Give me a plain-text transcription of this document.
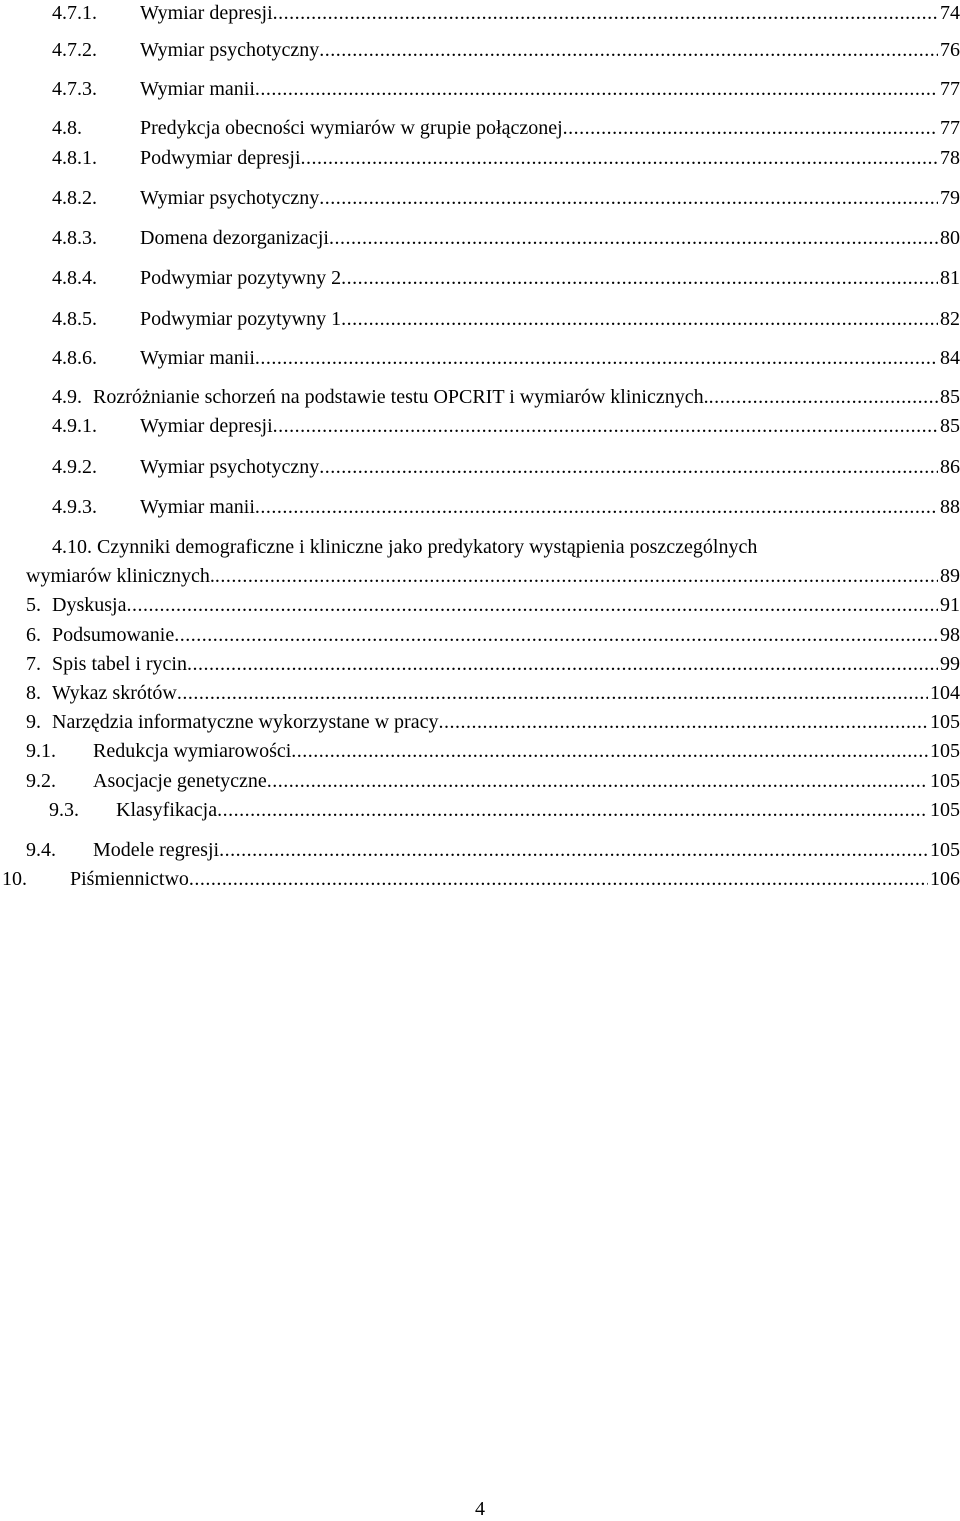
4.7.1. Wymiar depresji .....	74
4.7.2. Wymiar psychotyczny .....	76
4.7.3. Wymiar manii .....	77
4.8.	Predykcja obecności wymiarów w grupie połączonej .....	77
4.8.1. Podwymiar depresji .....	78
4.8.2. Wymiar psychotyczny .....	79
4.8.3. Domena dezorganizacji .....	80
4.8.4. Podwymiar pozytywny 2 .....	81
4.8.5. Podwymiar pozytywny 1 .....	82
4.8.6. Wymiar manii .....	84
4.9. Rozróżnianie schorzeń na podstawie testu OPCRIT i wymiarów klinicznych. .....	85
4.9.1. Wymiar depresji .....	85
4.9.2. Wymiar psychotyczny .....	86
4.9.3. Wymiar manii .....	88
4.10. Czynniki demograficzne i kliniczne jako predykatory wystąpienia poszczególnych
wymiarów klinicznych. .....	89
5. Dyskusja .....	91
6. Podsumowanie .....	98
7. Spis tabel i rycin .....	99
8. Wykaz skrótów .....	104
9. Narzędzia informatyczne wykorzystane w pracy .....	105
9.1. Redukcja wymiarowości .....	105
9.2. Asocjacje genetyczne .....	105
9.3. Klasyfikacja .....	105
9.4. Modele regresji .....	105
10. Piśmiennictwo .....	106
4
